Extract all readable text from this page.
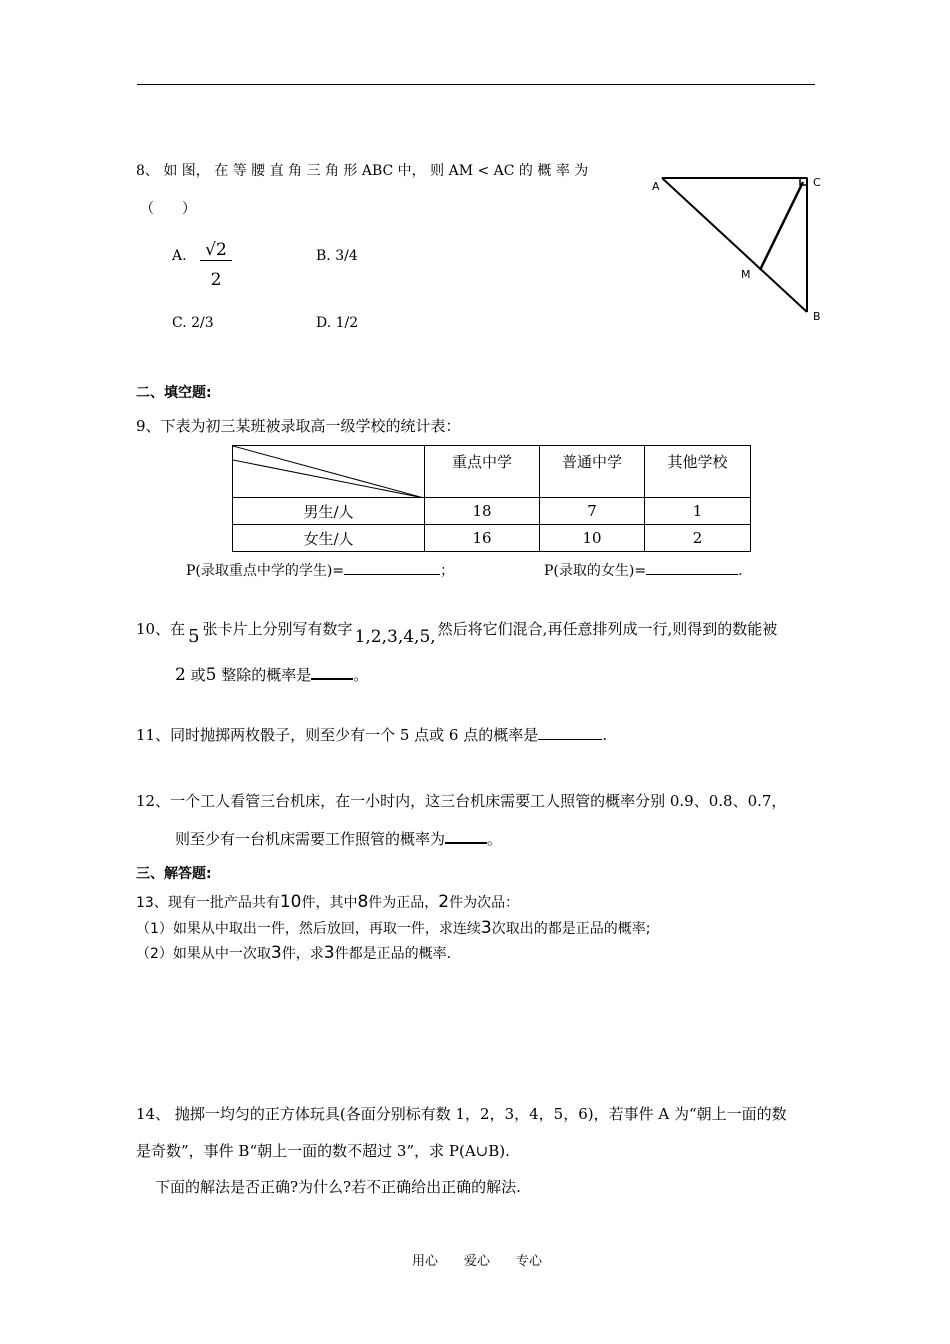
8、 如 图， 在 等 腰 直 角 三 角 形 ABC 中， 则 AM < AC 的 概 率 为
（　　）
A.	√2
2
B. 3/4
C. 2/3	D. 1/2
A	C
B
M
二、填空题:
9、下表为初三某班被录取高一级学校的统计表：
	重点中学	普通中学	其他学校
男生/人	18	7	1
女生/人	16	10	2
P(录取重点中学的学生)=	；	P(录取的女生)=	.
10、在 5 张卡片上分别写有数字 1,2,3,4,5, 然后将它们混合,再任意排列成一行,则得到的数能被
2 或5 整除的概率是	。
11、同时抛掷两枚骰子，则至少有一个 5 点或 6 点的概率是	.
12、一个工人看管三台机床，在一小时内，这三台机床需要工人照管的概率分别 0.9、0.8、0.7，
则至少有一台机床需要工作照管的概率为	。
三、解答题:
13、现有一批产品共有10件，其中8件为正品，2件为次品：
（1）如果从中取出一件，然后放回，再取一件，求连续3次取出的都是正品的概率;
（2）如果从中一次取3件，求3件都是正品的概率.
14、 抛掷一均匀的正方体玩具(各面分别标有数 1，2，3，4，5，6)，若事件 A 为“朝上一面的数
是奇数”，事件 B“朝上一面的数不超过 3”，求 P(A∪B).
下面的解法是否正确?为什么?若不正确给出正确的解法.
用心　　爱心　　专心
